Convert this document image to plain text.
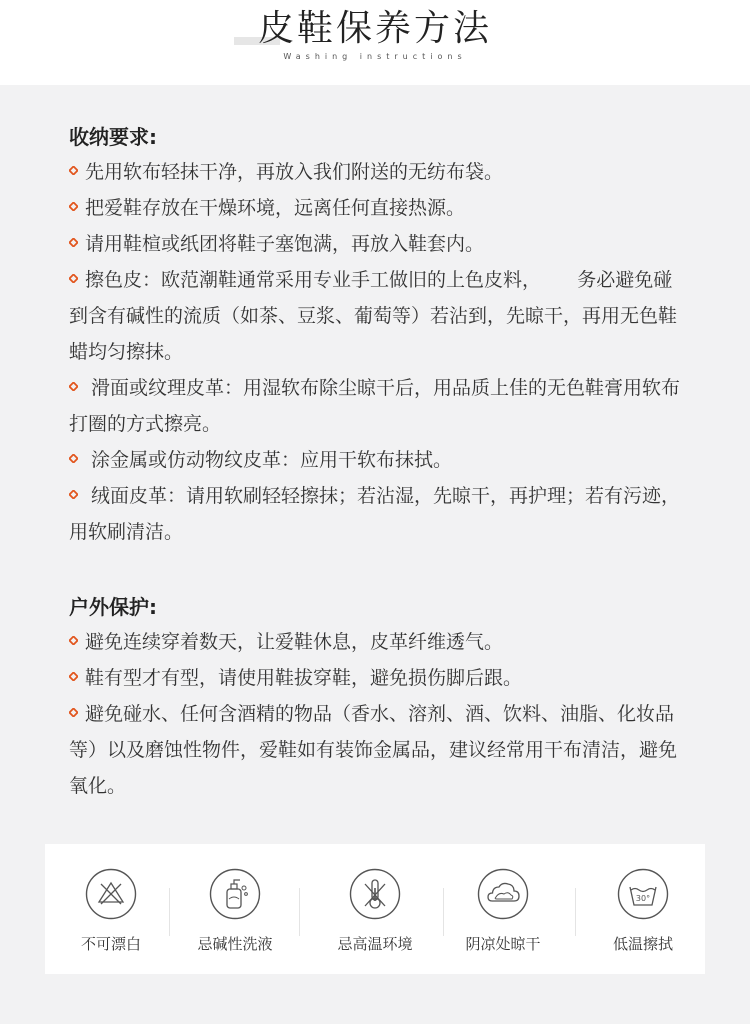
皮鞋保养方法
Washing instructions
收纳要求:
先用软布轻抹干净，再放入我们附送的无纺布袋。
把爱鞋存放在干燥环境，远离任何直接热源。
请用鞋楦或纸团将鞋子塞饱满，再放入鞋套内。
擦色皮：欧范潮鞋通常采用专业手工做旧的上色皮料，      务必避免碰到含有碱性的流质（如茶、豆浆、葡萄等）若沾到，先晾干，再用无色鞋蜡均匀擦抹。
滑面或纹理皮革：用湿软布除尘晾干后，用品质上佳的无色鞋膏用软布打圈的方式擦亮。
涂金属或仿动物纹皮革：应用干软布抹拭。
绒面皮革：请用软刷轻轻擦抹；若沾湿，先晾干，再护理；若有污迹，用软刷清洁。
户外保护:
避免连续穿着数天，让爱鞋休息，皮革纤维透气。
鞋有型才有型，请使用鞋拔穿鞋，避免损伤脚后跟。
避免碰水、任何含酒精的物品（香水、溶剂、酒、饮料、油脂、化妆品等）以及磨蚀性物件，爱鞋如有装饰金属品，建议经常用干布清洁，避免氧化。
不可漂白	忌碱性洗液	忌高温环境	阴凉处晾干
30°
低温擦拭
